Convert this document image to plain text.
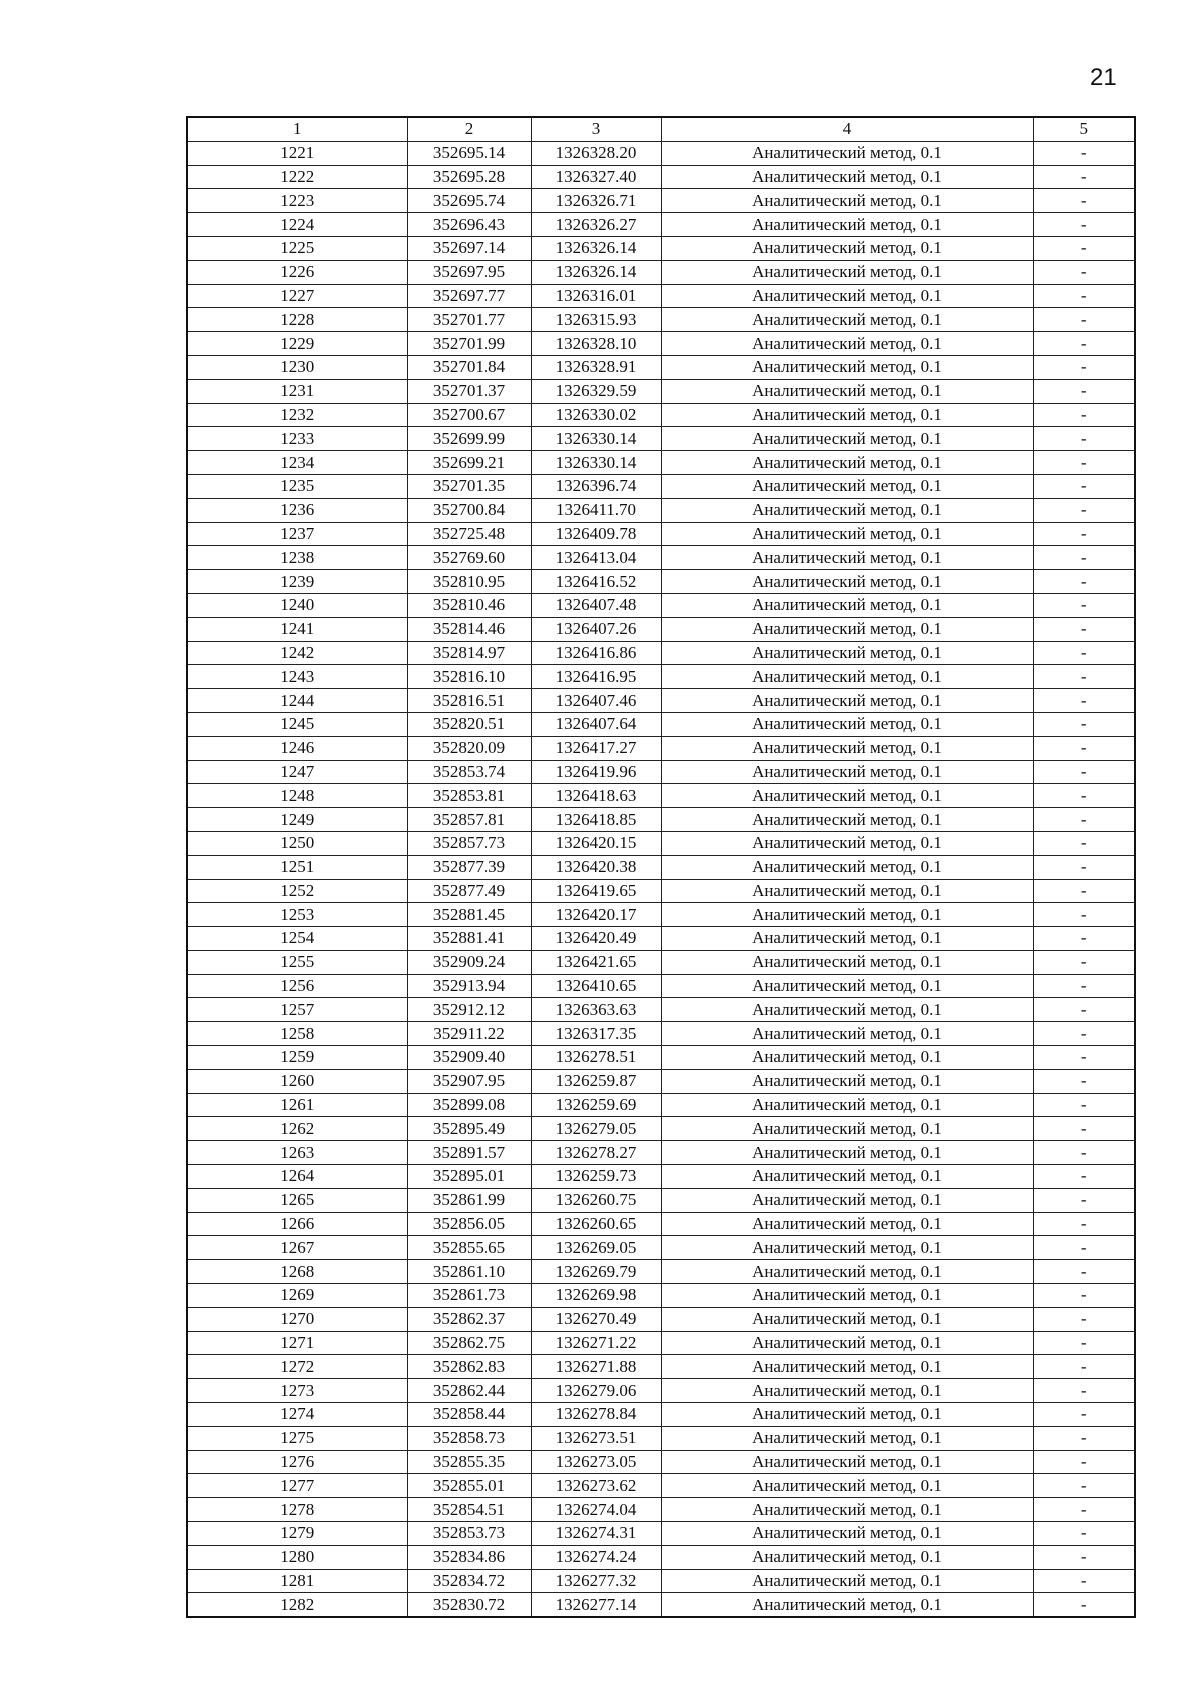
21
1	2	3	4	5
1221	352695.14	1326328.20	Аналитический метод, 0.1	-
1222	352695.28	1326327.40	Аналитический метод, 0.1	-
1223	352695.74	1326326.71	Аналитический метод, 0.1	-
1224	352696.43	1326326.27	Аналитический метод, 0.1	-
1225	352697.14	1326326.14	Аналитический метод, 0.1	-
1226	352697.95	1326326.14	Аналитический метод, 0.1	-
1227	352697.77	1326316.01	Аналитический метод, 0.1	-
1228	352701.77	1326315.93	Аналитический метод, 0.1	-
1229	352701.99	1326328.10	Аналитический метод, 0.1	-
1230	352701.84	1326328.91	Аналитический метод, 0.1	-
1231	352701.37	1326329.59	Аналитический метод, 0.1	-
1232	352700.67	1326330.02	Аналитический метод, 0.1	-
1233	352699.99	1326330.14	Аналитический метод, 0.1	-
1234	352699.21	1326330.14	Аналитический метод, 0.1	-
1235	352701.35	1326396.74	Аналитический метод, 0.1	-
1236	352700.84	1326411.70	Аналитический метод, 0.1	-
1237	352725.48	1326409.78	Аналитический метод, 0.1	-
1238	352769.60	1326413.04	Аналитический метод, 0.1	-
1239	352810.95	1326416.52	Аналитический метод, 0.1	-
1240	352810.46	1326407.48	Аналитический метод, 0.1	-
1241	352814.46	1326407.26	Аналитический метод, 0.1	-
1242	352814.97	1326416.86	Аналитический метод, 0.1	-
1243	352816.10	1326416.95	Аналитический метод, 0.1	-
1244	352816.51	1326407.46	Аналитический метод, 0.1	-
1245	352820.51	1326407.64	Аналитический метод, 0.1	-
1246	352820.09	1326417.27	Аналитический метод, 0.1	-
1247	352853.74	1326419.96	Аналитический метод, 0.1	-
1248	352853.81	1326418.63	Аналитический метод, 0.1	-
1249	352857.81	1326418.85	Аналитический метод, 0.1	-
1250	352857.73	1326420.15	Аналитический метод, 0.1	-
1251	352877.39	1326420.38	Аналитический метод, 0.1	-
1252	352877.49	1326419.65	Аналитический метод, 0.1	-
1253	352881.45	1326420.17	Аналитический метод, 0.1	-
1254	352881.41	1326420.49	Аналитический метод, 0.1	-
1255	352909.24	1326421.65	Аналитический метод, 0.1	-
1256	352913.94	1326410.65	Аналитический метод, 0.1	-
1257	352912.12	1326363.63	Аналитический метод, 0.1	-
1258	352911.22	1326317.35	Аналитический метод, 0.1	-
1259	352909.40	1326278.51	Аналитический метод, 0.1	-
1260	352907.95	1326259.87	Аналитический метод, 0.1	-
1261	352899.08	1326259.69	Аналитический метод, 0.1	-
1262	352895.49	1326279.05	Аналитический метод, 0.1	-
1263	352891.57	1326278.27	Аналитический метод, 0.1	-
1264	352895.01	1326259.73	Аналитический метод, 0.1	-
1265	352861.99	1326260.75	Аналитический метод, 0.1	-
1266	352856.05	1326260.65	Аналитический метод, 0.1	-
1267	352855.65	1326269.05	Аналитический метод, 0.1	-
1268	352861.10	1326269.79	Аналитический метод, 0.1	-
1269	352861.73	1326269.98	Аналитический метод, 0.1	-
1270	352862.37	1326270.49	Аналитический метод, 0.1	-
1271	352862.75	1326271.22	Аналитический метод, 0.1	-
1272	352862.83	1326271.88	Аналитический метод, 0.1	-
1273	352862.44	1326279.06	Аналитический метод, 0.1	-
1274	352858.44	1326278.84	Аналитический метод, 0.1	-
1275	352858.73	1326273.51	Аналитический метод, 0.1	-
1276	352855.35	1326273.05	Аналитический метод, 0.1	-
1277	352855.01	1326273.62	Аналитический метод, 0.1	-
1278	352854.51	1326274.04	Аналитический метод, 0.1	-
1279	352853.73	1326274.31	Аналитический метод, 0.1	-
1280	352834.86	1326274.24	Аналитический метод, 0.1	-
1281	352834.72	1326277.32	Аналитический метод, 0.1	-
1282	352830.72	1326277.14	Аналитический метод, 0.1	-
